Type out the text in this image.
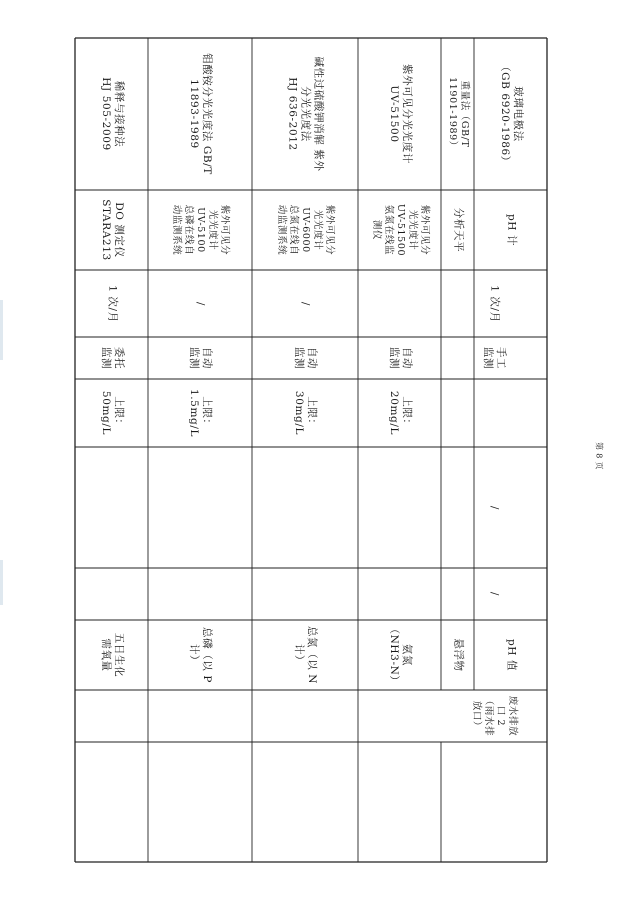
稀释与接种法
HJ 505-2009
DO 测定仪
STARA213
1 次/月
委托
监测
上限：
50mg/L
五日生化
需氧量
钼酸铵分光光度法 GB/T
11893-1989
紫外可见分
光光度计
UV-5100
总磷在线自
动监测系统
/
自动
监测
上限：
1.5mg/L
总磷（以 P
计）
碱性过硫酸钾消解 紫外
分光光度法
HJ 636-2012
紫外可见分
光光度计
UV-6000
总氮在线自
动监测系统
/
自动
监测
上限：
30mg/L
总氮（以 N
计）
紫外可见分光光度计
UV-51500
紫外可见分
光光度计
UV-51500
氨氮在线监
测仪
自动
监测
上限：
20mg/L
氨氮
（NH3-N）
重量法（GB/T
11901-1989）
分析天平
1 次/月
手工
监测
/
/
悬浮物
废水排放
口 2
（雨水排
放口）
玻璃电极法
（GB 6920-1986）
pH 计
pH 值
第 8 页
